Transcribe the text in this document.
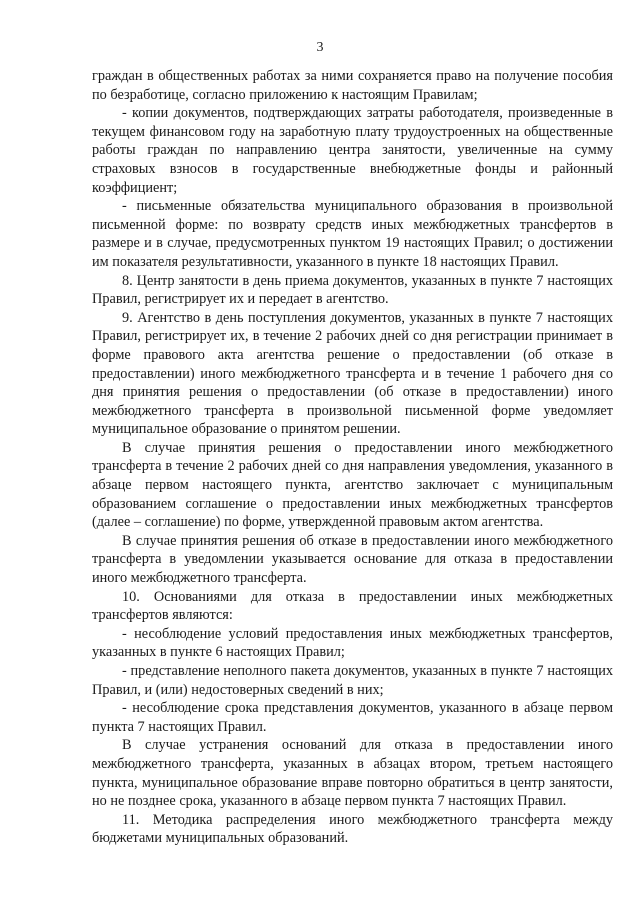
3

граждан в общественных работах за ними сохраняется право на получение пособия по безработице, согласно приложению к настоящим Правилам;

- копии документов, подтверждающих затраты работодателя, произведенные в текущем финансовом году на заработную плату трудоустроенных на общественные работы граждан по направлению центра занятости, увеличенные на сумму страховых взносов в государственные внебюджетные фонды и районный коэффициент;

- письменные обязательства муниципального образования в произвольной письменной форме: по возврату средств иных межбюджетных трансфертов в размере и в случае, предусмотренных пунктом 19 настоящих Правил; о достижении им показателя результативности, указанного в пункте 18 настоящих Правил.

8. Центр занятости в день приема документов, указанных в пункте 7 настоящих Правил, регистрирует их и передает в агентство.

9. Агентство в день поступления документов, указанных в пункте 7 настоящих Правил, регистрирует их, в течение 2 рабочих дней со дня регистрации принимает в форме правового акта агентства решение о предоставлении (об отказе в предоставлении) иного межбюджетного трансферта и в течение 1 рабочего дня со дня принятия решения о предоставлении (об отказе в предоставлении) иного межбюджетного трансферта в произвольной письменной форме уведомляет муниципальное образование о принятом решении.

В случае принятия решения о предоставлении иного межбюджетного трансферта в течение 2 рабочих дней со дня направления уведомления, указанного в абзаце первом настоящего пункта, агентство заключает с муниципальным образованием соглашение о предоставлении иных межбюджетных трансфертов (далее – соглашение) по форме, утвержденной правовым актом агентства.

В случае принятия решения об отказе в предоставлении иного межбюджетного трансферта в уведомлении указывается основание для отказа в предоставлении иного межбюджетного трансферта.

10. Основаниями для отказа в предоставлении иных межбюджетных трансфертов являются:

- несоблюдение условий предоставления иных межбюджетных трансфертов, указанных в пункте 6 настоящих Правил;

- представление неполного пакета документов, указанных в пункте 7 настоящих Правил, и (или) недостоверных сведений в них;

- несоблюдение срока представления документов, указанного в абзаце первом пункта 7 настоящих Правил.

В случае устранения оснований для отказа в предоставлении иного межбюджетного трансферта, указанных в абзацах втором, третьем настоящего пункта, муниципальное образование вправе повторно обратиться в центр занятости, но не позднее срока, указанного в абзаце первом пункта 7 настоящих Правил.

11. Методика распределения иного межбюджетного трансферта между бюджетами муниципальных образований.
